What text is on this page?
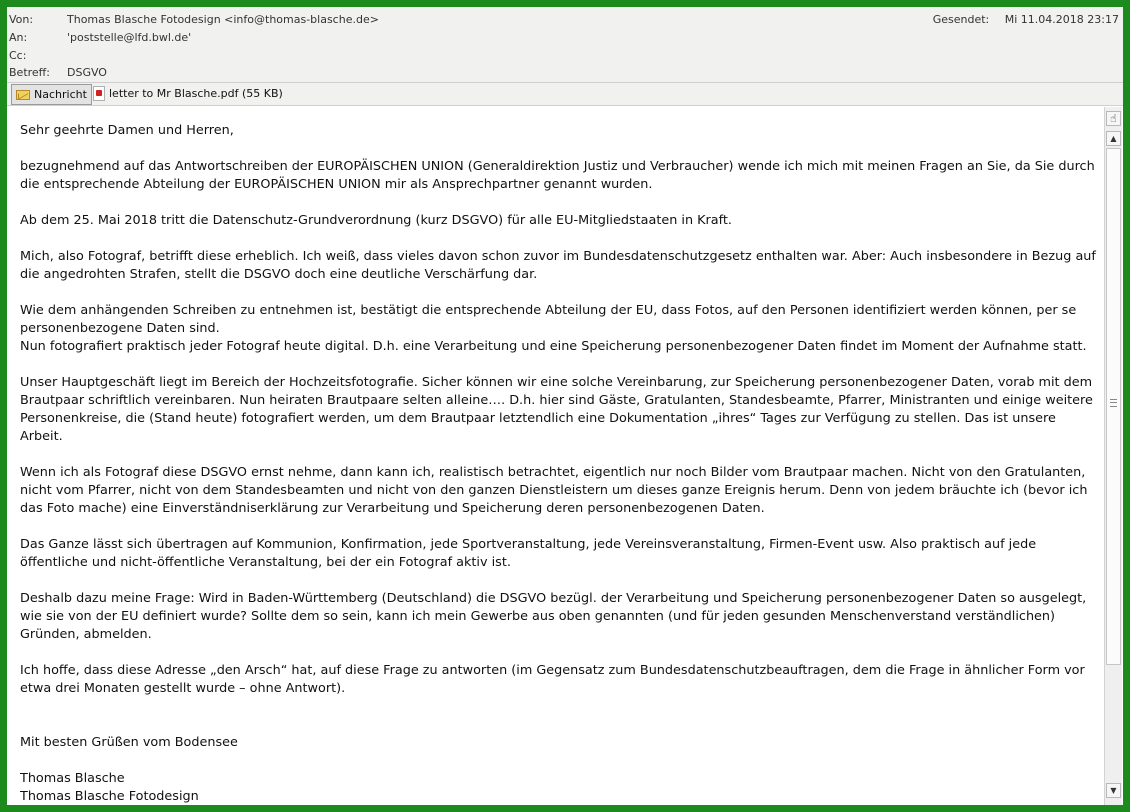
Von:	Thomas Blasche Fotodesign <info@thomas-blasche.de>
An:	'poststelle@lfd.bwl.de'
Cc:
Betreff:	DSGVO
Gesendet: Mi 11.04.2018 23:17
Nachricht letter to Mr Blasche.pdf (55 KB)

Sehr geehrte Damen und Herren,

bezugnehmend auf das Antwortschreiben der EUROPÄISCHEN UNION (Generaldirektion Justiz und Verbraucher) wende ich mich mit meinen Fragen an Sie, da Sie durch die entsprechende Abteilung der EUROPÄISCHEN UNION mir als Ansprechpartner genannt wurden.

Ab dem 25. Mai 2018 tritt die Datenschutz-Grundverordnung (kurz DSGVO) für alle EU-Mitgliedstaaten in Kraft.

Mich, also Fotograf, betrifft diese erheblich. Ich weiß, dass vieles davon schon zuvor im Bundesdatenschutzgesetz enthalten war. Aber: Auch insbesondere in Bezug auf die angedrohten Strafen, stellt die DSGVO doch eine deutliche Verschärfung dar.

Wie dem anhängenden Schreiben zu entnehmen ist, bestätigt die entsprechende Abteilung der EU, dass Fotos, auf den Personen identifiziert werden können, per se personenbezogene Daten sind.

Nun fotografiert praktisch jeder Fotograf heute digital. D.h. eine Verarbeitung und eine Speicherung personenbezogener Daten findet im Moment der Aufnahme statt.

Unser Hauptgeschäft liegt im Bereich der Hochzeitsfotografie. Sicher können wir eine solche Vereinbarung, zur Speicherung personenbezogener Daten, vorab mit dem Brautpaar schriftlich vereinbaren. Nun heiraten Brautpaare selten alleine…. D.h. hier sind Gäste, Gratulanten, Standesbeamte, Pfarrer, Ministranten und einige weitere Personenkreise, die (Stand heute) fotografiert werden, um dem Brautpaar letztendlich eine Dokumentation „ihres“ Tages zur Verfügung zu stellen. Das ist unsere Arbeit.

Wenn ich als Fotograf diese DSGVO ernst nehme, dann kann ich, realistisch betrachtet, eigentlich nur noch Bilder vom Brautpaar machen. Nicht von den Gratulanten, nicht vom Pfarrer, nicht von dem Standesbeamten und nicht von den ganzen Dienstleistern um dieses ganze Ereignis herum. Denn von jedem bräuchte ich (bevor ich das Foto mache) eine Einverständniserklärung zur Verarbeitung und Speicherung deren personenbezogenen Daten.

Das Ganze lässt sich übertragen auf Kommunion, Konfirmation, jede Sportveranstaltung, jede Vereinsveranstaltung, Firmen-Event usw. Also praktisch auf jede öffentliche und nicht-öffentliche Veranstaltung, bei der ein Fotograf aktiv ist.

Deshalb dazu meine Frage: Wird in Baden-Württemberg (Deutschland) die DSGVO bezügl. der Verarbeitung und Speicherung personenbezogener Daten so ausgelegt, wie sie von der EU definiert wurde? Sollte dem so sein, kann ich mein Gewerbe aus oben genannten (und für jeden gesunden Menschenverstand verständlichen) Gründen, abmelden.

Ich hoffe, dass diese Adresse „den Arsch“ hat, auf diese Frage zu antworten (im Gegensatz zum Bundesdatenschutzbeauftragen, dem die Frage in ähnlicher Form vor etwa drei Monaten gestellt wurde – ohne Antwort).

Mit besten Grüßen vom Bodensee

Thomas Blasche

Thomas Blasche Fotodesign

☝
▲
▼
